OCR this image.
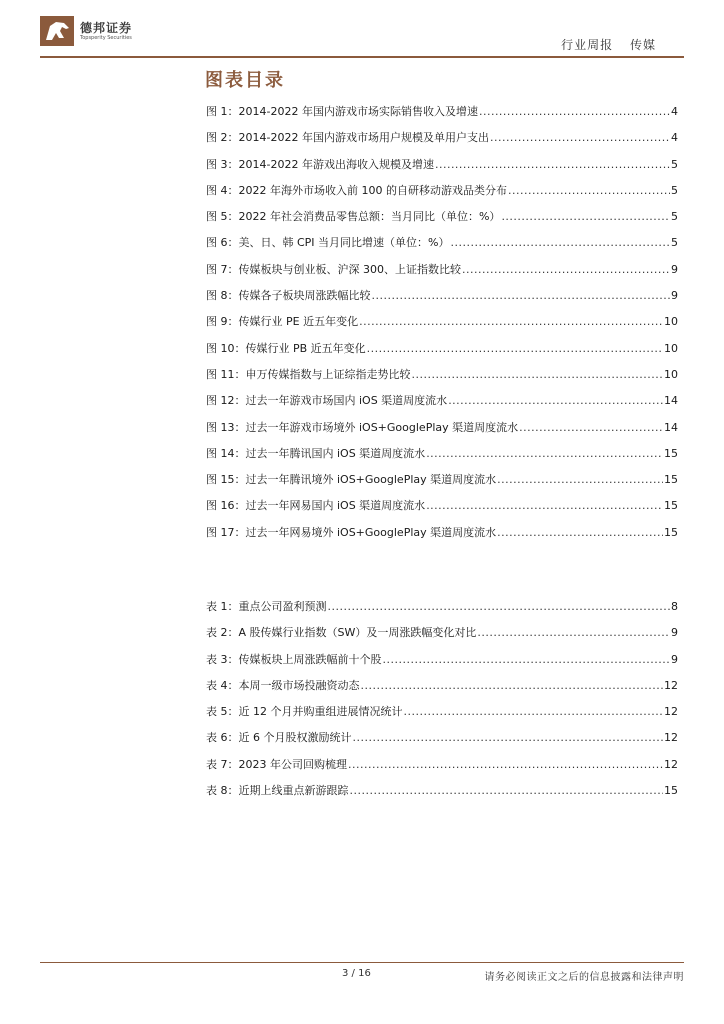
德邦证券
Topsperity Securities
行业周报 传媒
图表目录
图 1：2014-2022 年国内游戏市场实际销售收入及增速 .....	4
图 2：2014-2022 年国内游戏市场用户规模及单用户支出 .....	4
图 3：2014-2022 年游戏出海收入规模及增速 .....	5
图 4：2022 年海外市场收入前 100 的自研移动游戏品类分布 .....	5
图 5：2022 年社会消费品零售总额：当月同比（单位：%） .....	5
图 6：美、日、韩 CPI 当月同比增速（单位：%） .....	5
图 7：传媒板块与创业板、沪深 300、上证指数比较 .....	9
图 8：传媒各子板块周涨跌幅比较 .....	9
图 9：传媒行业 PE 近五年变化 .....	10
图 10：传媒行业 PB 近五年变化 .....	10
图 11：申万传媒指数与上证综指走势比较 .....	10
图 12：过去一年游戏市场国内 iOS 渠道周度流水 .....	14
图 13：过去一年游戏市场境外 iOS+GooglePlay 渠道周度流水 .....	14
图 14：过去一年腾讯国内 iOS 渠道周度流水 .....	15
图 15：过去一年腾讯境外 iOS+GooglePlay 渠道周度流水 .....	15
图 16：过去一年网易国内 iOS 渠道周度流水 .....	15
图 17：过去一年网易境外 iOS+GooglePlay 渠道周度流水 .....	15
表 1：重点公司盈利预测 .....	8
表 2：A 股传媒行业指数（SW）及一周涨跌幅变化对比 .....	9
表 3：传媒板块上周涨跌幅前十个股 .....	9
表 4：本周一级市场投融资动态 .....	12
表 5：近 12 个月并购重组进展情况统计 .....	12
表 6：近 6 个月股权激励统计 .....	12
表 7：2023 年公司回购梳理 .....	12
表 8：近期上线重点新游跟踪 .....	15
3 / 16	请务必阅读正文之后的信息披露和法律声明
